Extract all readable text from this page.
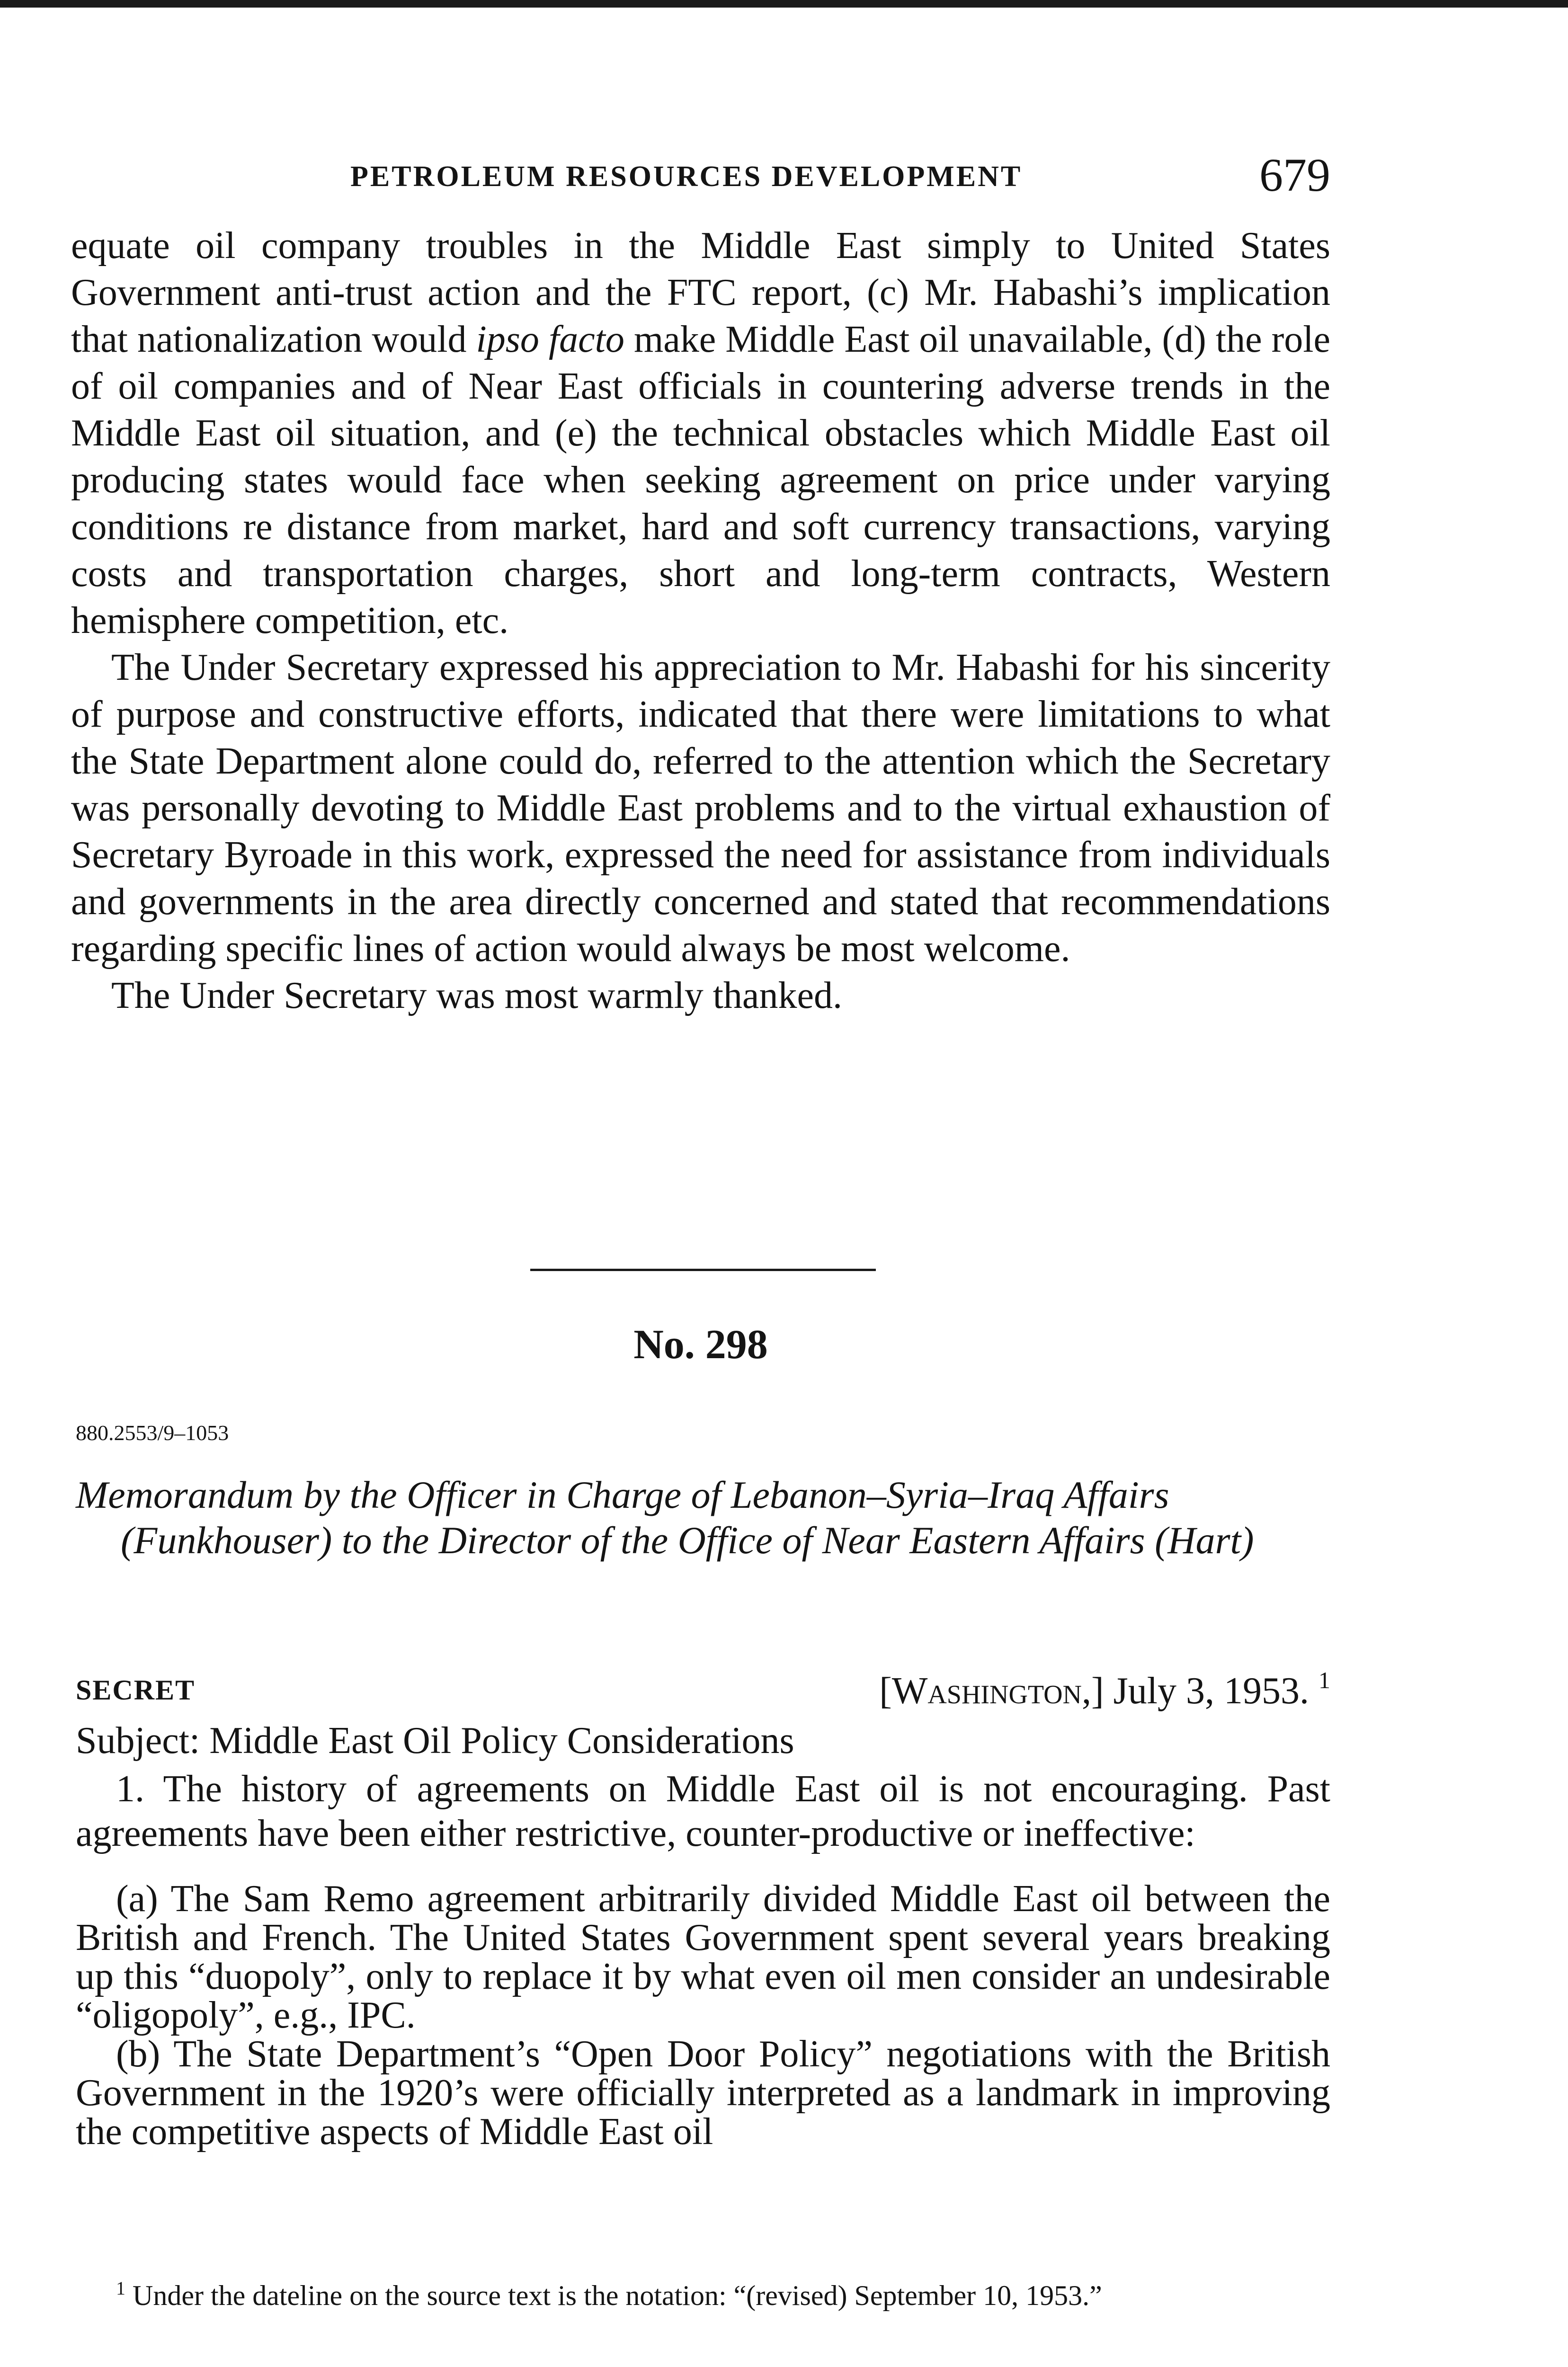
PETROLEUM RESOURCES DEVELOPMENT	679

equate oil company troubles in the Middle East simply to United States Government anti-trust action and the FTC report, (c) Mr. Habashi’s implication that nationalization would ipso facto make Middle East oil unavailable, (d) the role of oil companies and of Near East officials in countering adverse trends in the Middle East oil situation, and (e) the technical obstacles which Middle East oil producing states would face when seeking agreement on price under varying conditions re distance from market, hard and soft currency transactions, varying costs and transportation charges, short and long-term contracts, Western hemisphere competition, etc.

The Under Secretary expressed his appreciation to Mr. Habashi for his sincerity of purpose and constructive efforts, indicated that there were limitations to what the State Department alone could do, referred to the attention which the Secretary was personally devoting to Middle East problems and to the virtual exhaustion of Secretary Byroade in this work, expressed the need for assistance from individuals and governments in the area directly concerned and stated that recommendations regarding specific lines of action would always be most welcome.

The Under Secretary was most warmly thanked.

No. 298
880.2553/9–1053

Memorandum by the Officer in Charge of Lebanon–Syria–Iraq Affairs (Funkhouser) to the Director of the Office of Near Eastern Affairs (Hart)

SECRET	[Washington,] July 3, 1953. $^1$

Subject: Middle East Oil Policy Considerations

1. The history of agreements on Middle East oil is not encouraging. Past agreements have been either restrictive, counter-productive or ineffective:

(a) The Sam Remo agreement arbitrarily divided Middle East oil between the British and French. The United States Government spent several years breaking up this “duopoly”, only to replace it by what even oil men consider an undesirable “oligopoly”, e.g., IPC.

(b) The State Department’s “Open Door Policy” negotiations with the British Government in the 1920’s were officially interpreted as a landmark in improving the competitive aspects of Middle East oil

$^1$ Under the dateline on the source text is the notation: “(revised) September 10, 1953.”
